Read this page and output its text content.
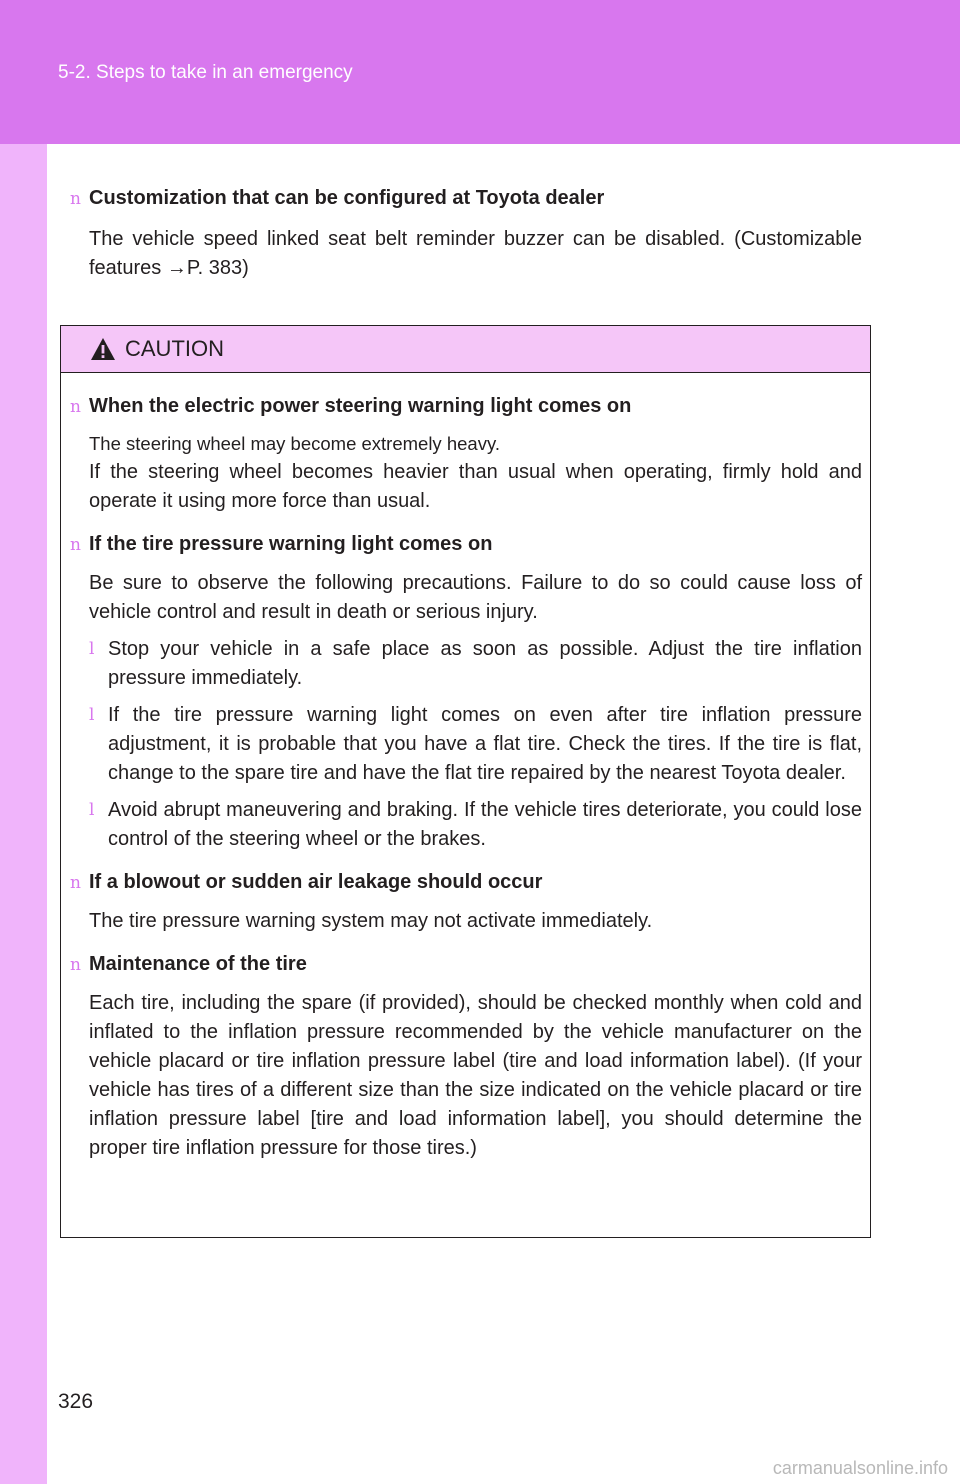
5-2. Steps to take in an emergency
n Customization that can be configured at Toyota dealer
The vehicle speed linked seat belt reminder buzzer can be disabled. (Customizable features →P. 383)
CAUTION
n When the electric power steering warning light comes on
The steering wheel may become extremely heavy.
If the steering wheel becomes heavier than usual when operating, firmly hold and operate it using more force than usual.
n If the tire pressure warning light comes on
Be sure to observe the following precautions. Failure to do so could cause loss of vehicle control and result in death or serious injury.
l Stop your vehicle in a safe place as soon as possible. Adjust the tire inflation pressure immediately.
l If the tire pressure warning light comes on even after tire inflation pressure adjustment, it is probable that you have a flat tire. Check the tires. If the tire is flat, change to the spare tire and have the flat tire repaired by the nearest Toyota dealer.
l Avoid abrupt maneuvering and braking. If the vehicle tires deteriorate, you could lose control of the steering wheel or the brakes.
n If a blowout or sudden air leakage should occur
The tire pressure warning system may not activate immediately.
n Maintenance of the tire
Each tire, including the spare (if provided), should be checked monthly when cold and inflated to the inflation pressure recommended by the vehicle manufacturer on the vehicle placard or tire inflation pressure label (tire and load information label). (If your vehicle has tires of a different size than the size indicated on the vehicle placard or tire inflation pressure label [tire and load information label], you should determine the proper tire inflation pressure for those tires.)
326
carmanualsonline.info
